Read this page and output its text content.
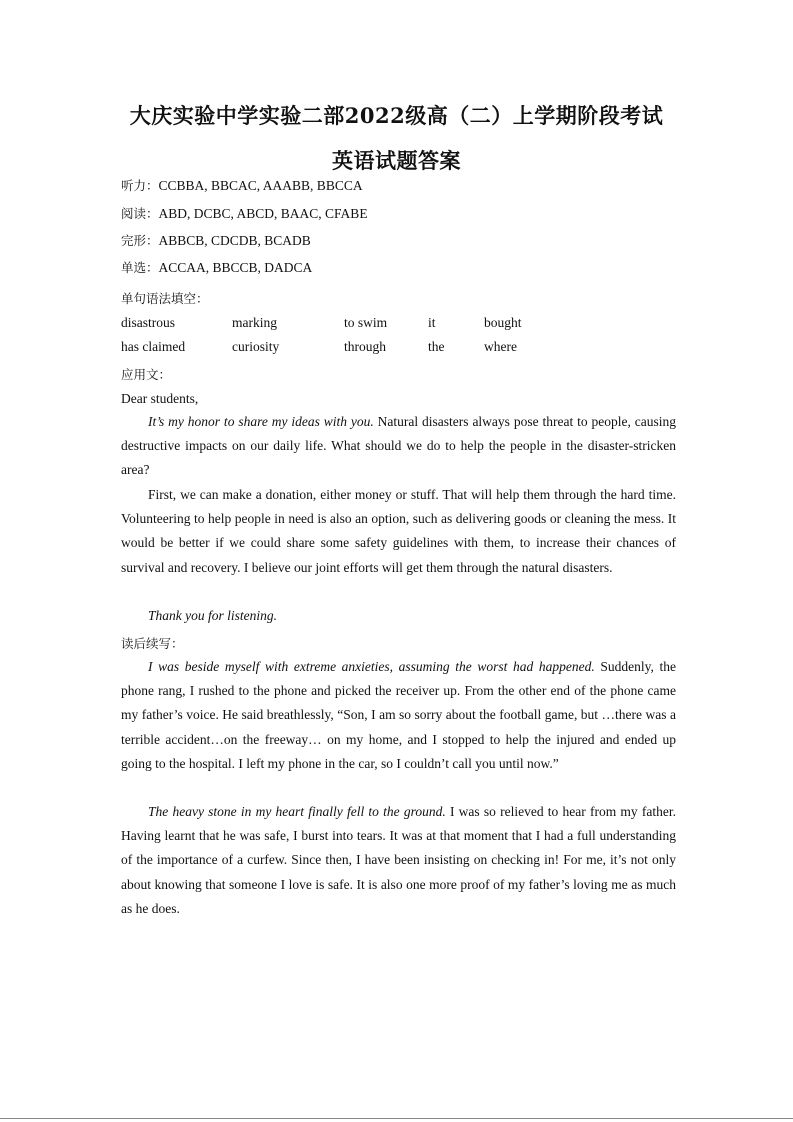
大庆实验中学实验二部2022级高（二）上学期阶段考试
英语试题答案
听力：CCBBA, BBCAC, AAABB, BBCCA
阅读：ABD, DCBC, ABCD, BAAC, CFABE
完形：ABBCB, CDCDB, BCADB
单选：ACCAA, BBCCB, DADCA
单句语法填空：
disastrous	marking	to swim	it	bought
has claimed	curiosity	through	the	where
应用文：
Dear students,

It’s my honor to share my ideas with you. Natural disasters always pose threat to people, causing destructive impacts on our daily life. What should we do to help the people in the disaster-stricken area?

First, we can make a donation, either money or stuff. That will help them through the hard time. Volunteering to help people in need is also an option, such as delivering goods or cleaning the mess. It would be better if we could share some safety guidelines with them, to increase their chances of survival and recovery. I believe our joint efforts will get them through the natural disasters.

Thank you for listening.

读后续写：

I was beside myself with extreme anxieties, assuming the worst had happened. Suddenly, the phone rang, I rushed to the phone and picked the receiver up. From the other end of the phone came my father’s voice. He said breathlessly, “Son, I am so sorry about the football game, but …there was a terrible accident…on the freeway… on my home, and I stopped to help the injured and ended up going to the hospital. I left my phone in the car, so I couldn’t call you until now.”

The heavy stone in my heart finally fell to the ground. I was so relieved to hear from my father. Having learnt that he was safe, I burst into tears. It was at that moment that I had a full understanding of the importance of a curfew. Since then, I have been insisting on checking in! For me, it’s not only about knowing that someone I love is safe. It is also one more proof of my father’s loving me as much as he does.
